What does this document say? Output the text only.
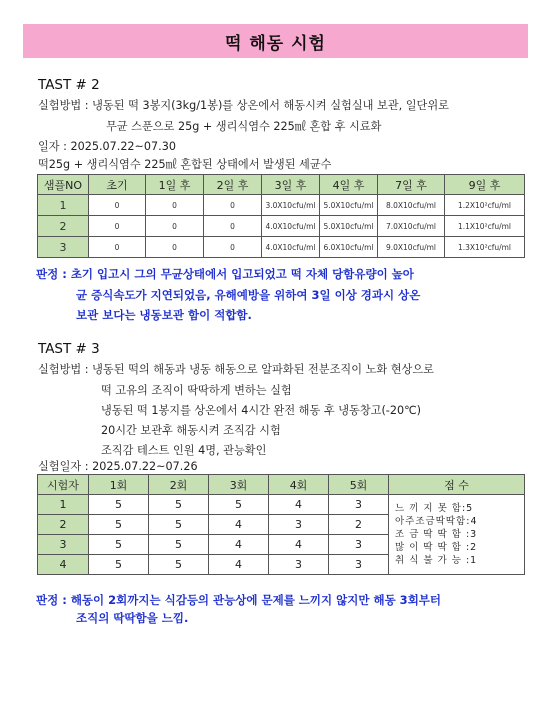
떡 해동 시험
TAST # 2
실험방법 : 냉동된 떡 3봉지(3kg/1봉)를 상온에서 해동시켜 실험실내 보관, 일단위로
무균 스푼으로 25g + 생리식염수 225㎖ 혼합 후 시료화
일자 : 2025.07.22~07.30
떡25g + 생리식염수 225㎖ 혼합된 상태에서 발생된 세균수
샘플NO	초기	1일 후	2일 후	3일 후	4일 후	7일 후	9일 후
1	0	0	0	3.0X10cfu/ml	5.0X10cfu/ml	8.0X10cfu/ml	1.2X10²cfu/ml
2	0	0	0	4.0X10cfu/ml	5.0X10cfu/ml	7.0X10cfu/ml	1.1X10²cfu/ml
3	0	0	0	4.0X10cfu/ml	6.0X10cfu/ml	9.0X10cfu/ml	1.3X10²cfu/ml
판정 : 초기 입고시 그의 무균상태에서 입고되었고 떡 자체 당함유량이 높아
균 증식속도가 지연되었음, 유해예방을 위하여 3일 이상 경과시 상온
보관 보다는 냉동보관 함이 적합함.
TAST # 3
실험방법 : 냉동된 떡의 해동과 냉동 해동으로 알파화된 전분조직이 노화 현상으로
떡 고유의 조직이 딱딱하게 변하는 실험
냉동된 떡 1봉지를 상온에서 4시간 완전 해동 후 냉동창고(-20℃)
20시간 보관후 해동시켜 조직감 시험
조직감 테스트 인원 4명, 관능확인
실험일자 : 2025.07.22~07.26
시험자	1회	2회	3회	4회	5회	점 수
1	5	5	5	4	3	느 끼 지 못 함:5
아주조금딱딱함:4
조 금 딱 딱 함 :3
많 이 딱 딱 함 :2
취 식 불 가 능 :1

2	5	5	4	3	2	
3	5	5	4	4	3	
4	5	5	4	3	3	
판정 : 해동이 2회까지는 식감등의 관능상에 문제를 느끼지 않지만 해동 3회부터
조직의 딱딱함을 느낌.
